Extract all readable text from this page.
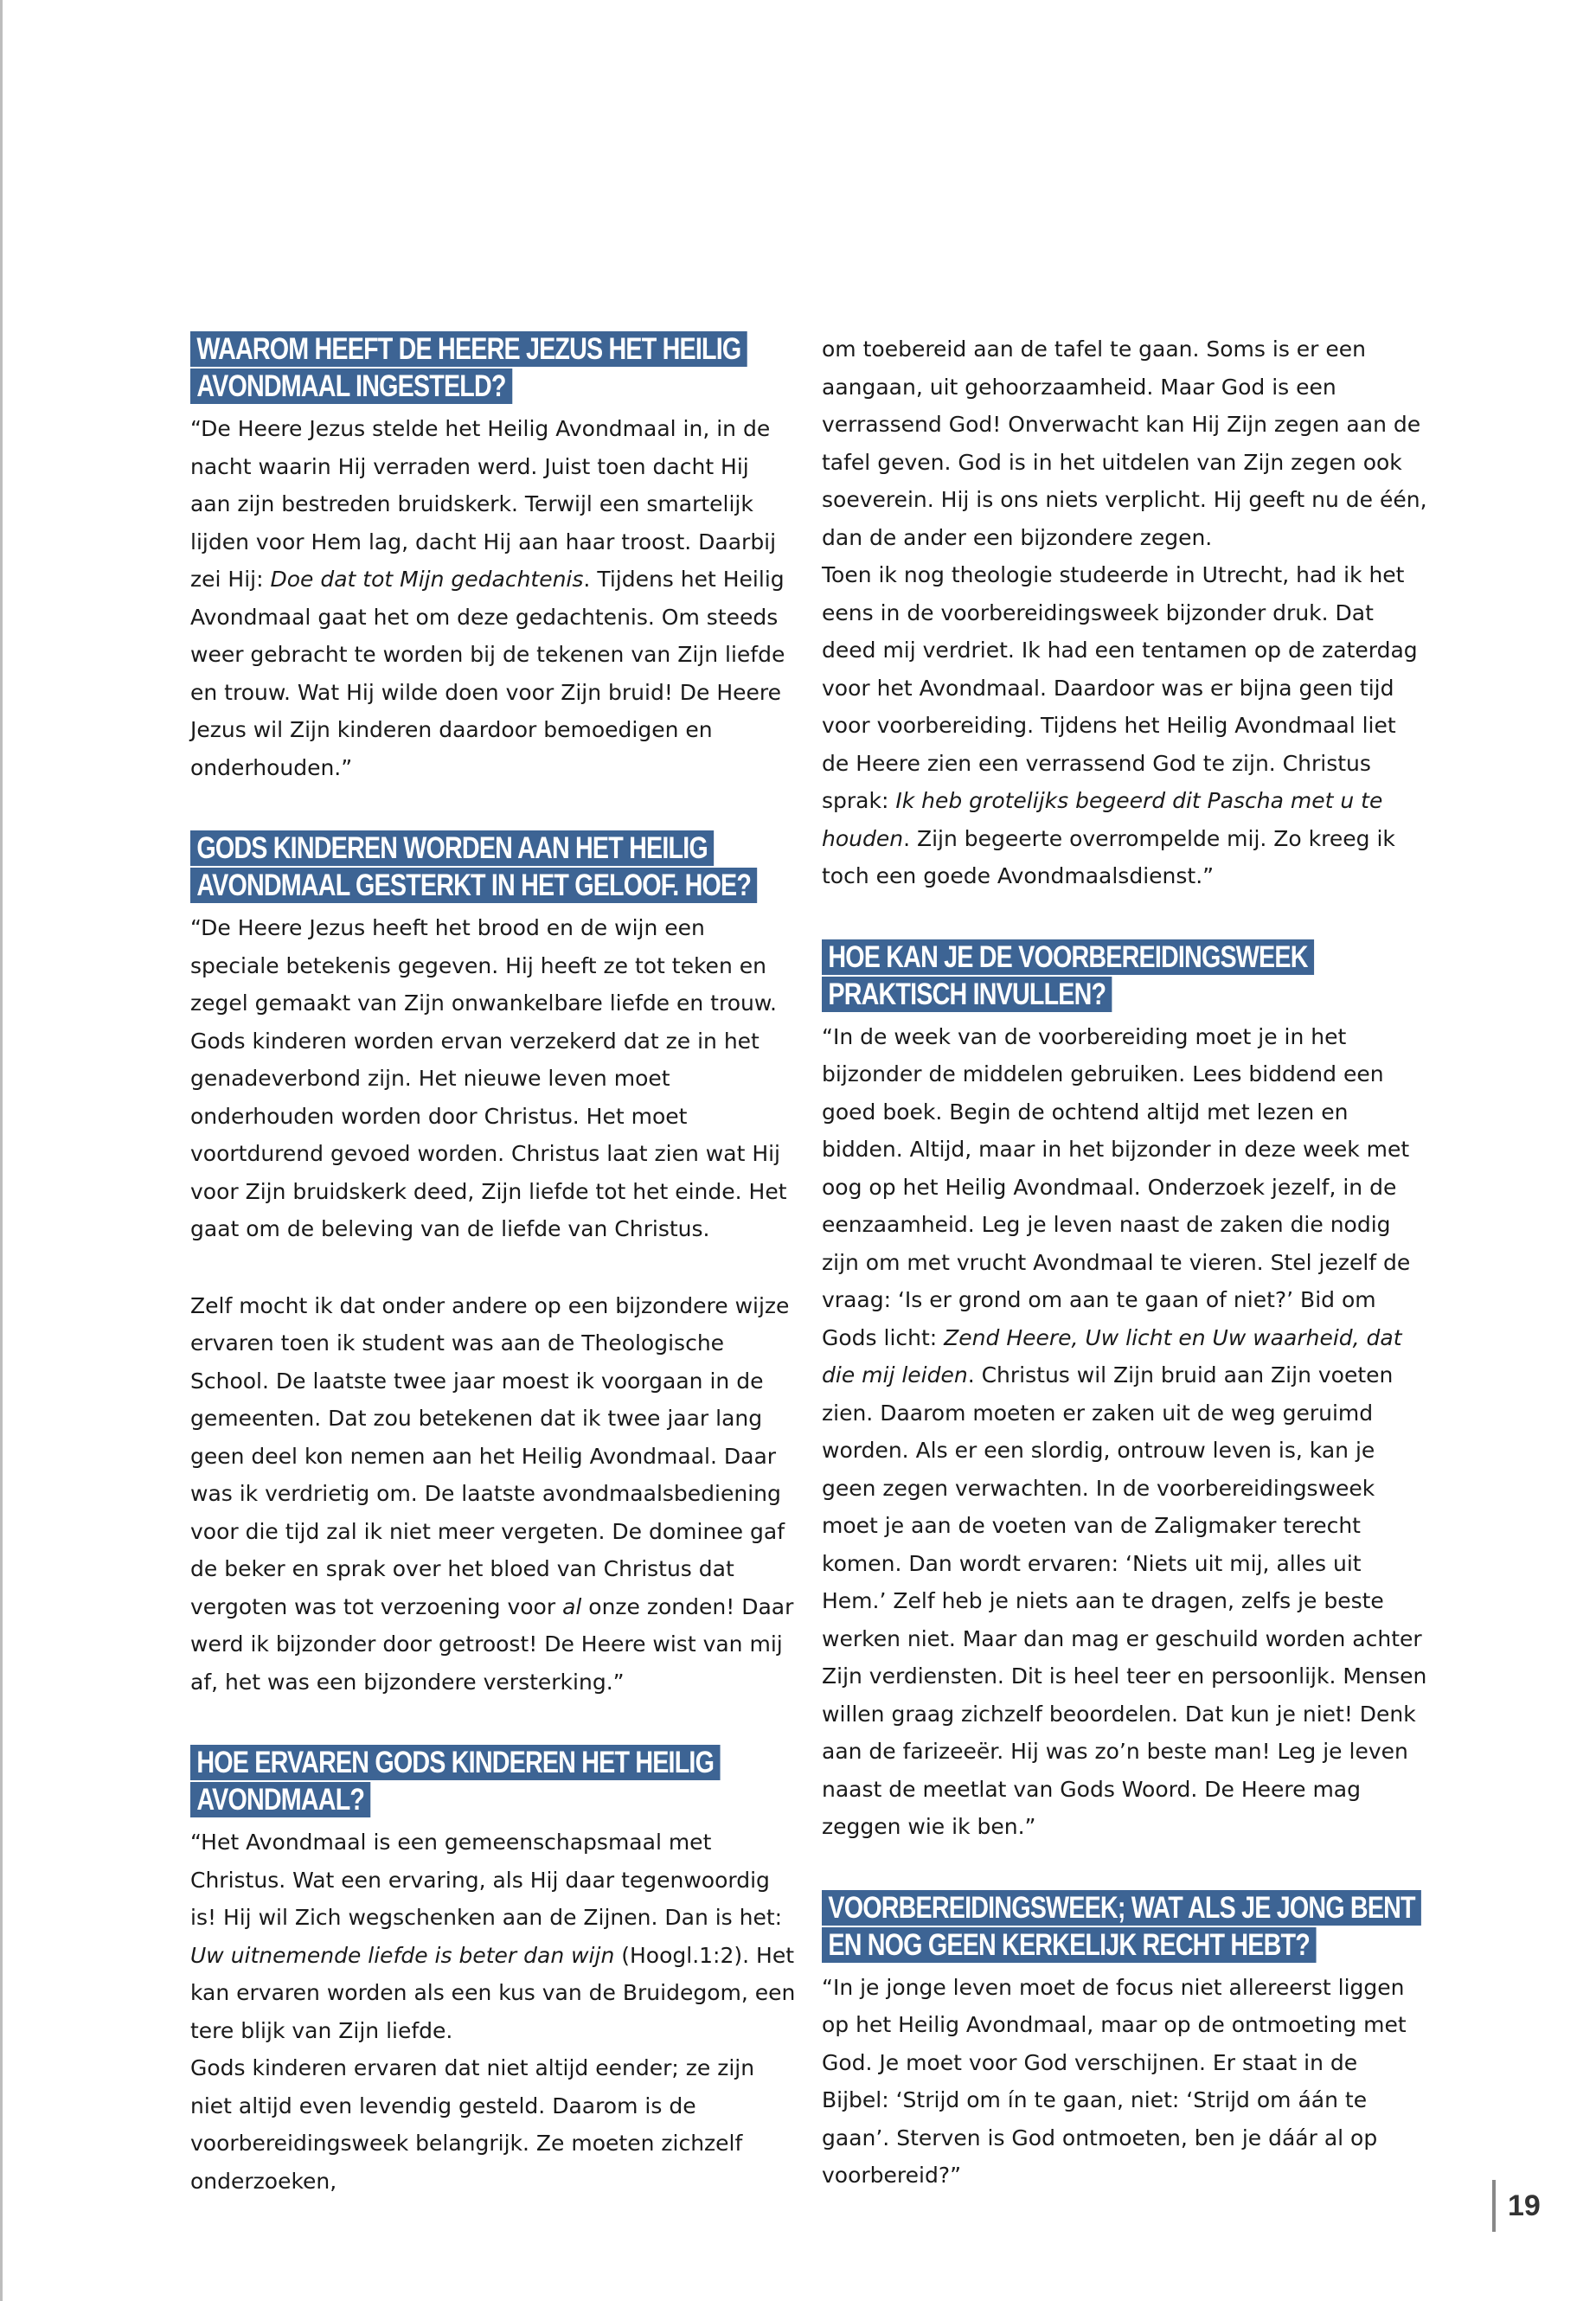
WAAROM HEEFT DE HEERE JEZUS HET HEILIG AVONDMAAL INGESTELD?

“De Heere Jezus stelde het Heilig Avondmaal in, in de nacht waarin Hij verraden werd. Juist toen dacht Hij aan zijn bestreden bruidskerk. Terwijl een smartelijk lijden voor Hem lag, dacht Hij aan haar troost. Daarbij zei Hij: Doe dat tot Mijn gedachtenis. Tijdens het Heilig Avondmaal gaat het om deze gedachtenis. Om steeds weer gebracht te worden bij de tekenen van Zijn liefde en trouw. Wat Hij wilde doen voor Zijn bruid! De Heere Jezus wil Zijn kinderen daardoor bemoedigen en onderhouden.”

GODS KINDEREN WORDEN AAN HET HEILIG AVONDMAAL GESTERKT IN HET GELOOF. HOE?

“De Heere Jezus heeft het brood en de wijn een speciale betekenis gegeven. Hij heeft ze tot teken en zegel gemaakt van Zijn onwankelbare liefde en trouw. Gods kinderen worden ervan verzekerd dat ze in het genadeverbond zijn. Het nieuwe leven moet onderhouden worden door Christus. Het moet voortdurend gevoed worden. Christus laat zien wat Hij voor Zijn bruidskerk deed, Zijn liefde tot het einde. Het gaat om de beleving van de liefde van Christus.

Zelf mocht ik dat onder andere op een bijzondere wijze ervaren toen ik student was aan de Theologische School. De laatste twee jaar moest ik voorgaan in de gemeenten. Dat zou betekenen dat ik twee jaar lang geen deel kon nemen aan het Heilig Avondmaal. Daar was ik verdrietig om. De laatste avondmaalsbediening voor die tijd zal ik niet meer vergeten. De dominee gaf de beker en sprak over het bloed van Christus dat vergoten was tot verzoening voor al onze zonden! Daar werd ik bijzonder door getroost! De Heere wist van mij af, het was een bijzondere versterking.”

HOE ERVAREN GODS KINDEREN HET HEILIG AVONDMAAL?

“Het Avondmaal is een gemeenschapsmaal met Christus. Wat een ervaring, als Hij daar tegenwoordig is! Hij wil Zich wegschenken aan de Zijnen. Dan is het: Uw uitnemende liefde is beter dan wijn (Hoogl.1:2). Het kan ervaren worden als een kus van de Bruidegom, een tere blijk van Zijn liefde.

Gods kinderen ervaren dat niet altijd eender; ze zijn niet altijd even levendig gesteld. Daarom is de voorbereidingsweek belangrijk. Ze moeten zichzelf onderzoeken,

om toebereid aan de tafel te gaan. Soms is er een aangaan, uit gehoorzaamheid. Maar God is een verrassend God! Onverwacht kan Hij Zijn zegen aan de tafel geven. God is in het uitdelen van Zijn zegen ook soeverein. Hij is ons niets verplicht. Hij geeft nu de één, dan de ander een bijzondere zegen.

Toen ik nog theologie studeerde in Utrecht, had ik het eens in de voorbereidingsweek bijzonder druk. Dat deed mij verdriet. Ik had een tentamen op de zaterdag voor het Avondmaal. Daardoor was er bijna geen tijd voor voorbereiding. Tijdens het Heilig Avondmaal liet de Heere zien een verrassend God te zijn. Christus sprak: Ik heb grotelijks begeerd dit Pascha met u te houden. Zijn begeerte overrompelde mij. Zo kreeg ik toch een goede Avondmaalsdienst.”

HOE KAN JE DE VOORBEREIDINGSWEEK PRAKTISCH INVULLEN?

“In de week van de voorbereiding moet je in het bijzonder de middelen gebruiken. Lees biddend een goed boek. Begin de ochtend altijd met lezen en bidden. Altijd, maar in het bijzonder in deze week met oog op het Heilig Avondmaal. Onderzoek jezelf, in de eenzaamheid. Leg je leven naast de zaken die nodig zijn om met vrucht Avondmaal te vieren. Stel jezelf de vraag: ‘Is er grond om aan te gaan of niet?’ Bid om Gods licht: Zend Heere, Uw licht en Uw waarheid, dat die mij leiden. Christus wil Zijn bruid aan Zijn voeten zien. Daarom moeten er zaken uit de weg geruimd worden. Als er een slordig, ontrouw leven is, kan je geen zegen verwachten. In de voorbereidingsweek moet je aan de voeten van de Zaligmaker terecht komen. Dan wordt ervaren: ‘Niets uit mij, alles uit Hem.’ Zelf heb je niets aan te dragen, zelfs je beste werken niet. Maar dan mag er geschuild worden achter Zijn verdiensten. Dit is heel teer en persoonlijk. Mensen willen graag zichzelf beoordelen. Dat kun je niet! Denk aan de farizeeër. Hij was zo’n beste man! Leg je leven naast de meetlat van Gods Woord. De Heere mag zeggen wie ik ben.”

VOORBEREIDINGSWEEK; WAT ALS JE JONG BENT EN NOG GEEN KERKELIJK RECHT HEBT?

“In je jonge leven moet de focus niet allereerst liggen op het Heilig Avondmaal, maar op de ontmoeting met God. Je moet voor God verschijnen. Er staat in de Bijbel: ‘Strijd om ín te gaan, niet: ‘Strijd om áán te gaan’. Sterven is God ontmoeten, ben je dáár al op voorbereid?”

19
